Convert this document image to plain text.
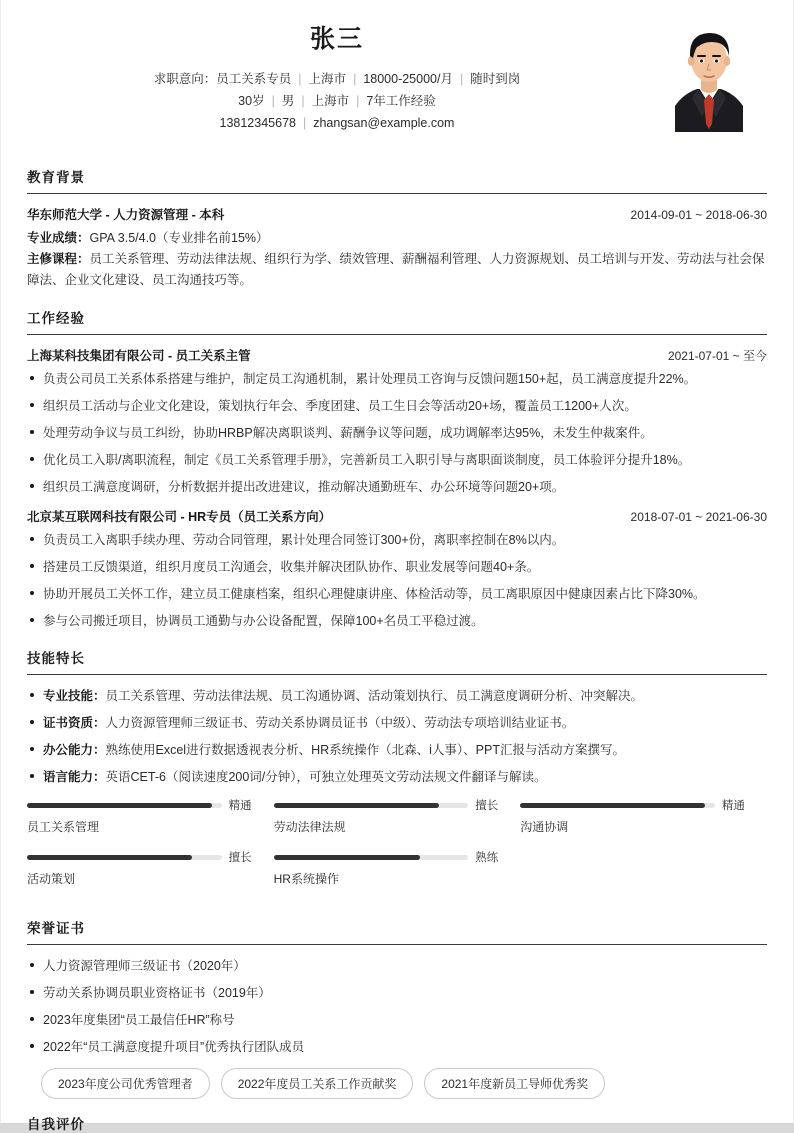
张三
求职意向：员工关系专员 | 上海市 | 18000-25000/月 | 随时到岗
30岁 | 男 | 上海市 | 7年工作经验
13812345678 | zhangsan@example.com
教育背景
华东师范大学 - 人力资源管理 - 本科	2014-09-01 ~ 2018-06-30
专业成绩：GPA 3.5/4.0（专业排名前15%）
主修课程：员工关系管理、劳动法律法规、组织行为学、绩效管理、薪酬福利管理、人力资源规划、员工培训与开发、劳动法与社会保障法、企业文化建设、员工沟通技巧等。
工作经验
上海某科技集团有限公司 - 员工关系主管	2021-07-01 ~ 至今
负责公司员工关系体系搭建与维护，制定员工沟通机制，累计处理员工咨询与反馈问题150+起，员工满意度提升22%。
组织员工活动与企业文化建设，策划执行年会、季度团建、员工生日会等活动20+场，覆盖员工1200+人次。
处理劳动争议与员工纠纷，协助HRBP解决离职谈判、薪酬争议等问题，成功调解率达95%，未发生仲裁案件。
优化员工入职/离职流程，制定《员工关系管理手册》，完善新员工入职引导与离职面谈制度，员工体验评分提升18%。
组织员工满意度调研，分析数据并提出改进建议，推动解决通勤班车、办公环境等问题20+项。
北京某互联网科技有限公司 - HR专员（员工关系方向）	2018-07-01 ~ 2021-06-30
负责员工入离职手续办理、劳动合同管理，累计处理合同签订300+份，离职率控制在8%以内。
搭建员工反馈渠道，组织月度员工沟通会，收集并解决团队协作、职业发展等问题40+条。
协助开展员工关怀工作，建立员工健康档案，组织心理健康讲座、体检活动等，员工离职原因中健康因素占比下降30%。
参与公司搬迁项目，协调员工通勤与办公设备配置，保障100+名员工平稳过渡。
技能特长
专业技能：员工关系管理、劳动法律法规、员工沟通协调、活动策划执行、员工满意度调研分析、冲突解决。
证书资质：人力资源管理师三级证书、劳动关系协调员证书（中级）、劳动法专项培训结业证书。
办公能力：熟练使用Excel进行数据透视表分析、HR系统操作（北森、i人事）、PPT汇报与活动方案撰写。
语言能力：英语CET-6（阅读速度200词/分钟），可独立处理英文劳动法规文件翻译与解读。
精通
员工关系管理
擅长
劳动法律法规
精通
沟通协调
擅长
活动策划
熟练
HR系统操作
荣誉证书
人力资源管理师三级证书（2020年）
劳动关系协调员职业资格证书（2019年）
2023年度集团“员工最信任HR”称号
2022年“员工满意度提升项目”优秀执行团队成员
2023年度公司优秀管理者	2022年度员工关系工作贡献奖	2021年度新员工导师优秀奖
自我评价
